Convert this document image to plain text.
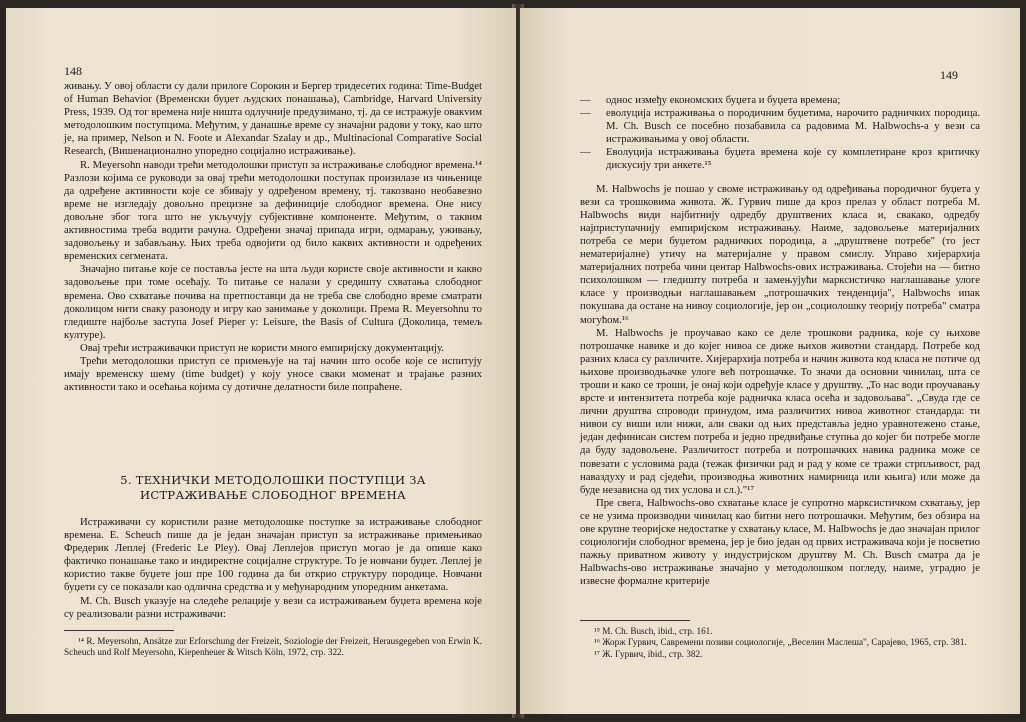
148

живању. У овој области су дали прилоге Сорокин и Бергер тридесетих година: Time-Budget of Human Behavior (Временски буџет људских понашања), Cambridge, Harvard University Press, 1939. Од тог времена није ништа одлучније предузимано, тј. да се истражује овакvим методолошким поступцима. Међутим, у данашње време су значајни радови у току, као што је, на пример, Nelson и N. Foote и Alexandar Szalay и др., Multinacional Comparative Social Research, (Вишенационално упоредно социјално истраживање).

R. Meyersohn наводи трећи методолошки приступ за истраживање слободног времена.¹⁴ Разлози којима се руководи за овај трећи методолошки поступак произилазе из чињенице да одређене активности које се збивају у одређеном времену, тј. такозвано необавезно време не изгледају довољно прецизне за дефиниције слободног времена. Оне нису довољне због тога што не укључују субјективне компоненте. Међутим, о таквим активностима треба водити рачуна. Одређени значај припада игри, одмарању, уживању, задовољењу и забављању. Њих треба одвојити од било каквих активности и одређених временских сегмената.

Значајно питање које се поставља јесте на шта људи користе своје активности и какво задовољење при томе осећају. То питање се налази у средишту схватања слободног времена. Ово схватање почива на претпоставци да не треба све слободно време сматрати доколицом нити сваку разоноду и игру као занимање у доколици. Према R. Meyersohnu то гледиште најбоље заступа Josef Pieper у: Leisure, the Basis of Cultura (Доколица, темељ културе).

Овај трећи истраживачки приступ не користи много емпиријску документацију.

Трећи методолошки приступ се примењује на тај начин што особе које се испитују имају временску шему (time budget) у коју уносе сваки моменат и трајање разних активности тако и осећања којима су дотичне делатности биле попраћене.

5. ТЕХНИЧКИ МЕТОДОЛОШКИ ПОСТУПЦИ ЗА

ИСТРАЖИВАЊЕ СЛОБОДНОГ ВРЕМЕНА

Истраживачи су користили разне методолошке поступке за истраживање слободног времена. E. Scheuch пише да је један значајан приступ за истраживање примењивао Фредерик Леплеј (Frederic Le Pley). Овај Леплејов приступ могао је да опише како фактичко понашање тако и индиректне социјалне структуре. То је новчани буџет. Леплеј је користио такве буџете још пре 100 година да би открио структуру породице. Новчани буџети су се показали као одлична средства и у међународним упоредним анкетама.

M. Ch. Busch указује на следеће релације у вези са истраживањем буџета времена које су реализовали разни истраживачи:

¹⁴ R. Meyersohn, Ansätze zur Erforschung der Freizeit, Soziologie der Freizeit, Herausgegeben von Erwin K. Scheuch und Rolf Meyersohn, Kiepenheuer & Witsch Köln, 1972, стр. 322.

149
—	однос између економских буџета и буџета времена;
—	еволуција истраживања о породичним буџетима, нарочито радничких породица. M. Ch. Busch се посебно позабавила са радовима M. Halbwochs-а у вези са истраживањима у овој области.
—	Еволуција истраживања буџета времена које су комплетиране кроз критичку дискусију три анкете.¹⁵

M. Halbwochs је пошао у своме истраживању од одређивања породичног буџета у вези са трошковима живота. Ж. Гурвич пише да кроз прелаз у област потреба M. Halbwochs види најбитнију одредбу друштвених класа и, свакако, одредбу најприступачнију емпиријском истраживању. Наиме, задовољење материјалних потреба се мери буџетом радничких породица, а „друштвене потребе" (то јест нематеријалне) утичу на материјалне у правом смислу. Управо хијерархија материјалних потреба чини центар Halbwochs-ових истраживања. Стојећи на — битно психолошком — гледишту потреба и замењујући марксистичко наглашавање улоге класе у производњи наглашавањем „потрошачких тенденција", Halbwochs ипак покушава да остане на нивоу социологије, јер он „социолошку теорију потреба" сматра могућом.¹⁶

M. Halbwochs је проучавао како се деле трошкови радника, које су њихове потрошачке навике и до којег нивоа се диже њихов животни стандард. Потребе код разних класа су различите. Хијерархија потреба и начин живота код класа не потиче од њихове производњачке улоге већ потрошачке. То значи да основни чинилац, шта се троши и како се троши, је онај који одређује класе у друштву. „То нас води проучавању врсте и интензитета потреба које радничка класа осећа и задовољава". „Свуда где се лични друштва спроводи принудом, има различитих нивоа животног стандарда: ти нивои су виши или нижи, али сваки од њих представља једно уравнотежено стање, један дефинисан систем потреба и једно предвиђање ступња до којег би потребе могле да буду задовољене. Различитост потреба и потрошачких навика радника може се повезати с условима рада (тежак физички рад и рад у коме се тражи стрпљивост, рад наваздуху и рад сједећи, производња животних намирница или књига) или може да буде независна од тих услова и сл.)."¹⁷

Пре свега, Halbwochs-ово схватање класе је супротно марксистичком схватању, јер се не узима производни чинилац као битни него потрошачки. Међутим, без обзира на ове крупне теоријске недостатке у схватању класе, M. Halbwochs је дао значајан прилог социологији слободног времена, јер је био један од првих истраживача који је посветио пажњу приватном животу у индустријском друштву M. Ch. Busch сматра да је Halbwachs-ово истраживање значајно у методолошком погледу, наиме, уградио је извесне формалне критерије

¹⁵ M. Ch. Busch, ibid., стр. 161.

¹⁶ Жорж Гурвич, Савремени позиви социологије, „Веселин Маслеша", Сарајево, 1965, стр. 381.

¹⁷ Ж. Гурвич, ibid., стр. 382.
